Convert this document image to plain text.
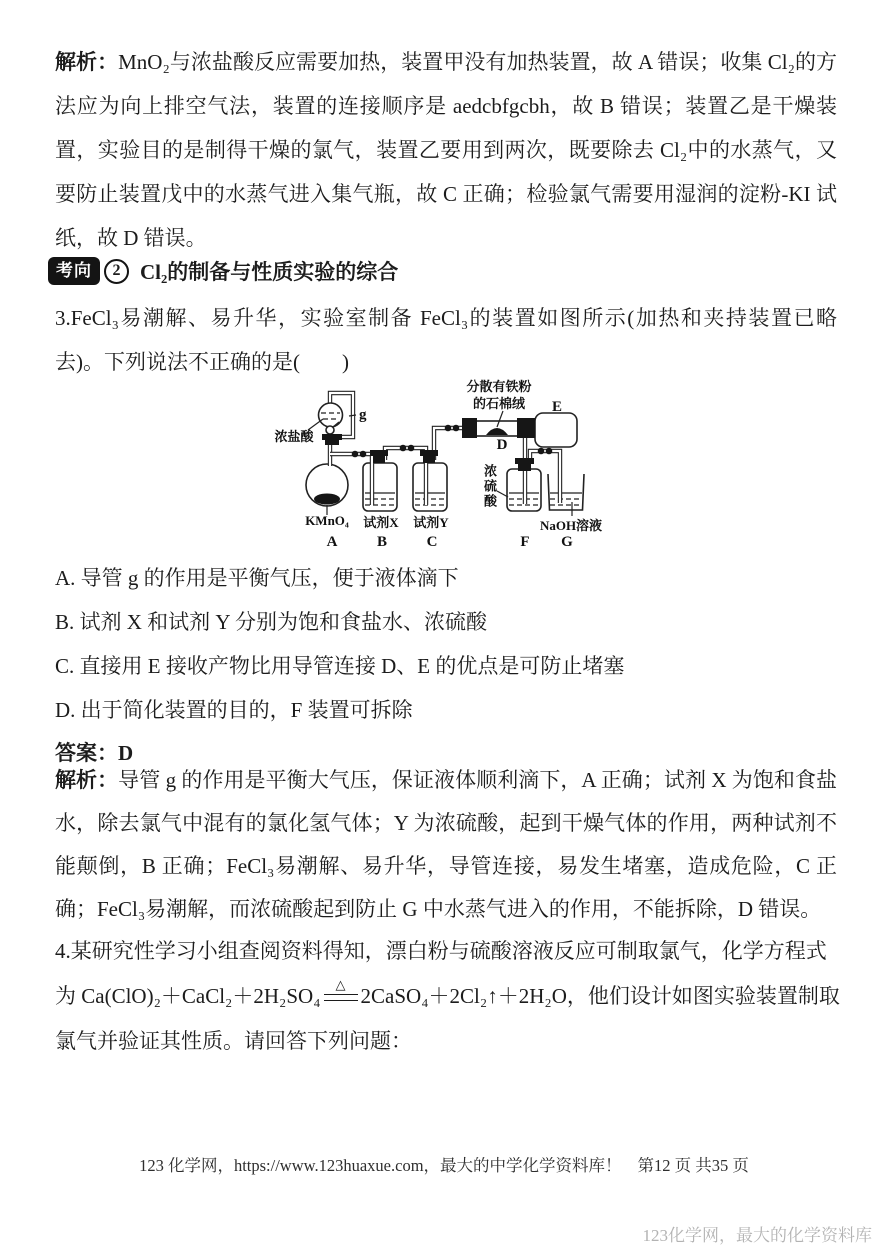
解析：MnO₂与浓盐酸反应需要加热，装置甲没有加热装置，故 A 错误；收集 Cl₂的方法应为向上排空气法，装置的连接顺序是 aedcbfgcbh，故 B 错误；装置乙是干燥装置，实验目的是制得干燥的氯气，装置乙要用到两次，既要除去 Cl₂中的水蒸气，又要防止装置戊中的水蒸气进入集气瓶，故 C 正确；检验氯气需要用湿润的淀粉-KI 试纸，故 D 错误。
考向	2 Cl₂的制备与性质实验的综合
3.FeCl₃易潮解、易升华，实验室制备 FeCl₃的装置如图所示(加热和夹持装置已略去)。下列说法不正确的是(　　)
浓盐酸
g
KMnO₄ 试剂X 试剂Y
分散有铁粉
的石棉绒
NaOH溶液
A	B	C
D
E
F G
浓硫酸
A. 导管 g 的作用是平衡气压，便于液体滴下
B. 试剂 X 和试剂 Y 分别为饱和食盐水、浓硫酸
C. 直接用 E 接收产物比用导管连接 D、E 的优点是可防止堵塞
D. 出于简化装置的目的，F 装置可拆除
答案：D
解析：导管 g 的作用是平衡大气压，保证液体顺利滴下，A 正确；试剂 X 为饱和食盐水，除去氯气中混有的氯化氢气体；Y 为浓硫酸，起到干燥气体的作用，两种试剂不能颠倒，B 正确；FeCl₃易潮解、易升华，导管连接，易发生堵塞，造成危险，C 正确；FeCl₃易潮解，而浓硫酸起到防止 G 中水蒸气进入的作用，不能拆除，D 错误。
4.某研究性学习小组查阅资料得知，漂白粉与硫酸溶液反应可制取氯气，化学方程式
为 Ca(ClO)₂＋CaCl₂＋2H₂SO₄ △ 2CaSO₄＋2Cl₂↑＋2H₂O，他们设计如图实验装置制取
氯气并验证其性质。请回答下列问题：
123 化学网，https://www.123huaxue.com，最大的中学化学资料库！ 第12 页 共35 页
123化学网，最大的化学资料库
